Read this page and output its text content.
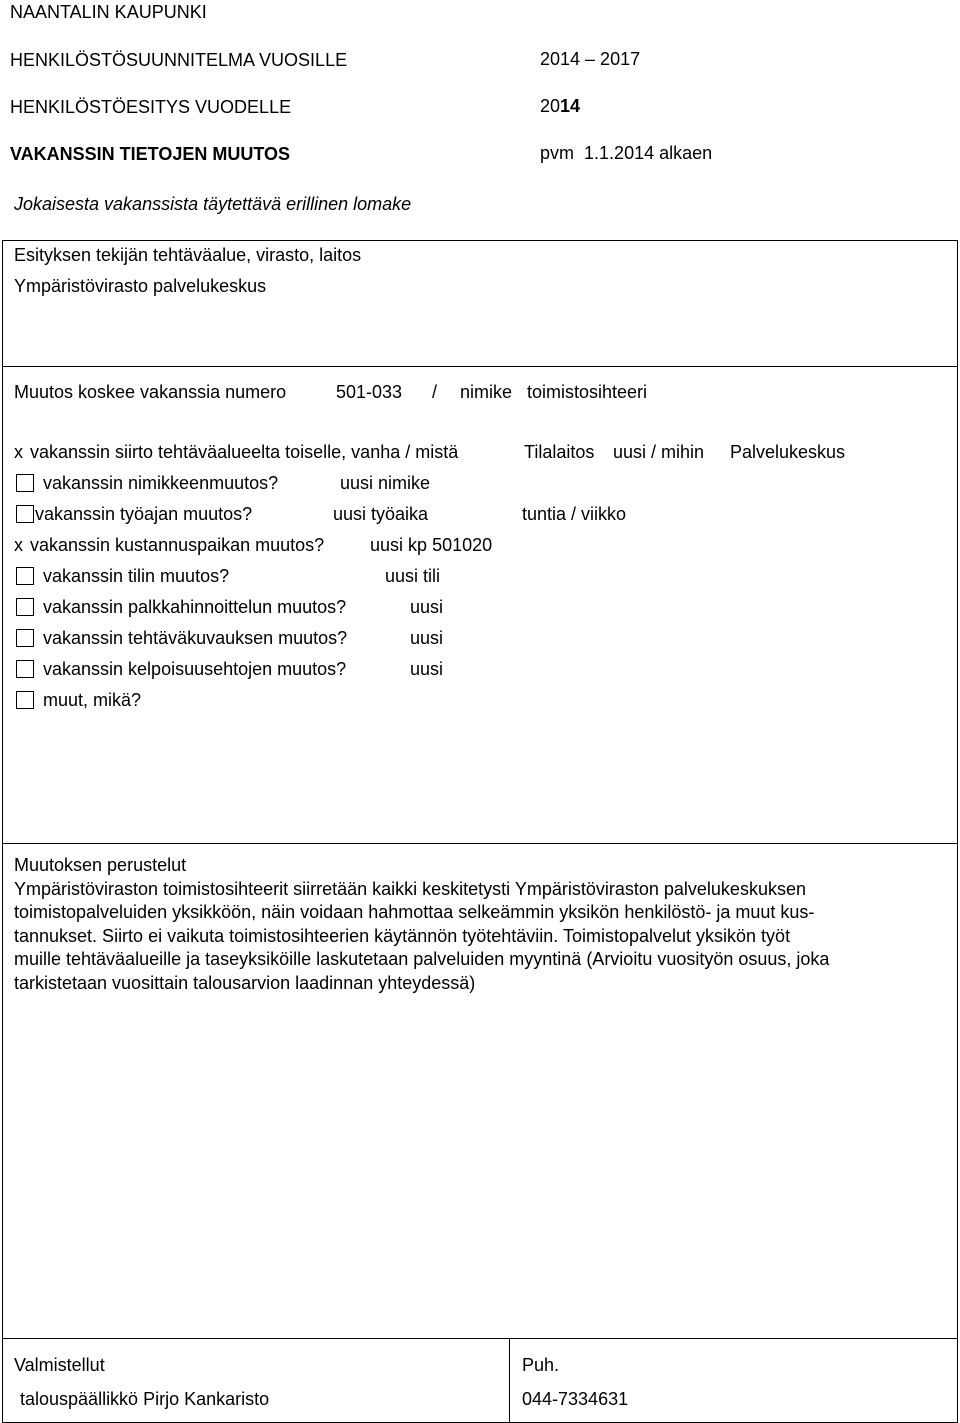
NAANTALIN KAUPUNKI
HENKILÖSTÖSUUNNITELMA VUOSILLE	2014 – 2017
HENKILÖSTÖESITYS VUODELLE	2014
VAKANSSIN TIETOJEN MUUTOS	pvm 1.1.2014 alkaen
Jokaisesta vakanssista täytettävä erillinen lomake
Esityksen tekijän tehtäväalue, virasto, laitos
Ympäristövirasto palvelukeskus
Muutos koskee vakanssia numero	501-033 / nimike toimistosihteeri
x vakanssin siirto tehtäväalueelta toiselle, vanha / mistä	Tilalaitos uusi / mihin Palvelukeskus
vakanssin nimikkeenmuutos?	uusi nimike
vakanssin työajan muutos?	uusi työaika	tuntia / viikko
x vakanssin kustannuspaikan muutos?	uusi kp 501020
vakanssin tilin muutos?	uusi tili
vakanssin palkkahinnoittelun muutos?	uusi
vakanssin tehtäväkuvauksen muutos?	uusi
vakanssin kelpoisuusehtojen muutos?	uusi
muut, mikä?
Muutoksen perustelut
Ympäristöviraston toimistosihteerit siirretään kaikki keskitetysti Ympäristöviraston palvelukeskuksen
toimistopalveluiden yksikköön, näin voidaan hahmottaa selkeämmin yksikön henkilöstö- ja muut kus-
tannukset. Siirto ei vaikuta toimistosihteerien käytännön työtehtäviin. Toimistopalvelut yksikön työt
muille tehtäväalueille ja taseyksiköille laskutetaan palveluiden myyntinä (Arvioitu vuosityön osuus, joka
tarkistetaan vuosittain talousarvion laadinnan yhteydessä)
Valmistellut
talouspäällikkö Pirjo Kankaristo
Puh.
044-7334631
